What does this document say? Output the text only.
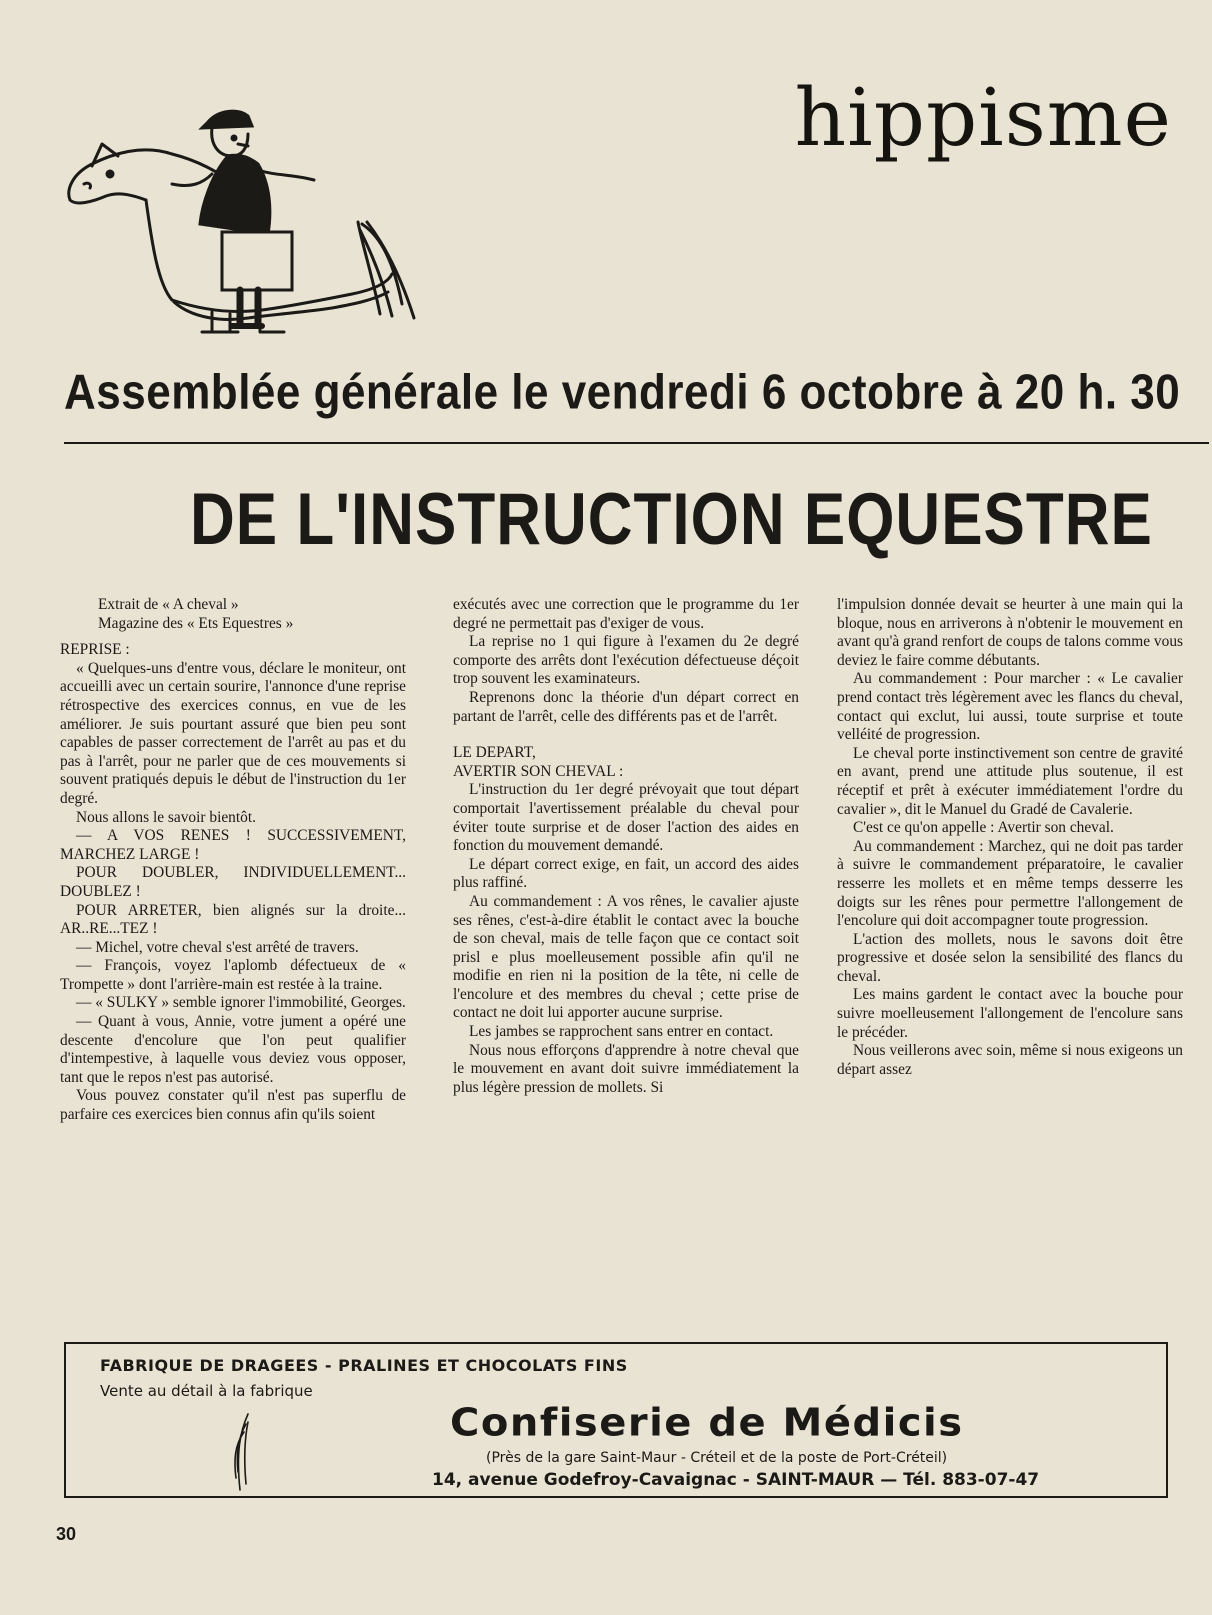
hippisme
Assemblée générale le vendredi 6 octobre à 20 h. 30
DE L'INSTRUCTION EQUESTRE

Extrait de « A cheval »

Magazine des « Ets Equestres »

REPRISE :

« Quelques-uns d'entre vous, déclare le moniteur, ont accueilli avec un certain sourire, l'annonce d'une reprise rétrospective des exercices connus, en vue de les améliorer. Je suis pourtant assuré que bien peu sont capables de passer correctement de l'arrêt au pas et du pas à l'arrêt, pour ne parler que de ces mouvements si souvent pratiqués depuis le début de l'instruction du 1er degré.

Nous allons le savoir bientôt.

— A VOS RENES ! SUCCESSIVEMENT, MARCHEZ LARGE !

POUR DOUBLER, INDIVIDUELLEMENT... DOUBLEZ !

POUR ARRETER, bien alignés sur la droite... AR..RE...TEZ !

— Michel, votre cheval s'est arrêté de travers.

— François, voyez l'aplomb défectueux de « Trompette » dont l'arrière-main est restée à la traine.

— « SULKY » semble ignorer l'immobilité, Georges.

— Quant à vous, Annie, votre jument a opéré une descente d'encolure que l'on peut qualifier d'intempestive, à laquelle vous deviez vous opposer, tant que le repos n'est pas autorisé.

Vous pouvez constater qu'il n'est pas superflu de parfaire ces exercices bien connus afin qu'ils soient

exécutés avec une correction que le programme du 1er degré ne permettait pas d'exiger de vous.

La reprise no 1 qui figure à l'examen du 2e degré comporte des arrêts dont l'exécution défectueuse déçoit trop souvent les examinateurs.

Reprenons donc la théorie d'un départ correct en partant de l'arrêt, celle des différents pas et de l'arrêt.

LE DEPART,

AVERTIR SON CHEVAL :

L'instruction du 1er degré prévoyait que tout départ comportait l'avertissement préalable du cheval pour éviter toute surprise et de doser l'action des aides en fonction du mouvement demandé.

Le départ correct exige, en fait, un accord des aides plus raffiné.

Au commandement : A vos rênes, le cavalier ajuste ses rênes, c'est-à-dire établit le contact avec la bouche de son cheval, mais de telle façon que ce contact soit prisl e plus moelleusement possible afin qu'il ne modifie en rien ni la position de la tête, ni celle de l'encolure et des membres du cheval ; cette prise de contact ne doit lui apporter aucune surprise.

Les jambes se rapprochent sans entrer en contact.

Nous nous efforçons d'apprendre à notre cheval que le mouvement en avant doit suivre immédiatement la plus légère pression de mollets. Si

l'impulsion donnée devait se heurter à une main qui la bloque, nous en arriverons à n'obtenir le mouvement en avant qu'à grand renfort de coups de talons comme vous deviez le faire comme débutants.

Au commandement : Pour marcher : « Le cavalier prend contact très légèrement avec les flancs du cheval, contact qui exclut, lui aussi, toute surprise et toute velléité de progression.

Le cheval porte instinctivement son centre de gravité en avant, prend une attitude plus soutenue, il est réceptif et prêt à exécuter immédiatement l'ordre du cavalier », dit le Manuel du Gradé de Cavalerie.

C'est ce qu'on appelle : Avertir son cheval.

Au commandement : Marchez, qui ne doit pas tarder à suivre le commandement préparatoire, le cavalier resserre les mollets et en même temps desserre les doigts sur les rênes pour permettre l'allongement de l'encolure qui doit accompagner toute progression.

L'action des mollets, nous le savons doit être progressive et dosée selon la sensibilité des flancs du cheval.

Les mains gardent le contact avec la bouche pour suivre moelleusement l'allongement de l'encolure sans le précéder.

Nous veillerons avec soin, même si nous exigeons un départ assez

FABRIQUE DE DRAGEES - PRALINES ET CHOCOLATS FINS
Vente au détail à la fabrique
Confiserie de Médicis
(Près de la gare Saint-Maur - Créteil et de la poste de Port-Créteil)
14, avenue Godefroy-Cavaignac - SAINT-MAUR — Tél. 883-07-47
30
